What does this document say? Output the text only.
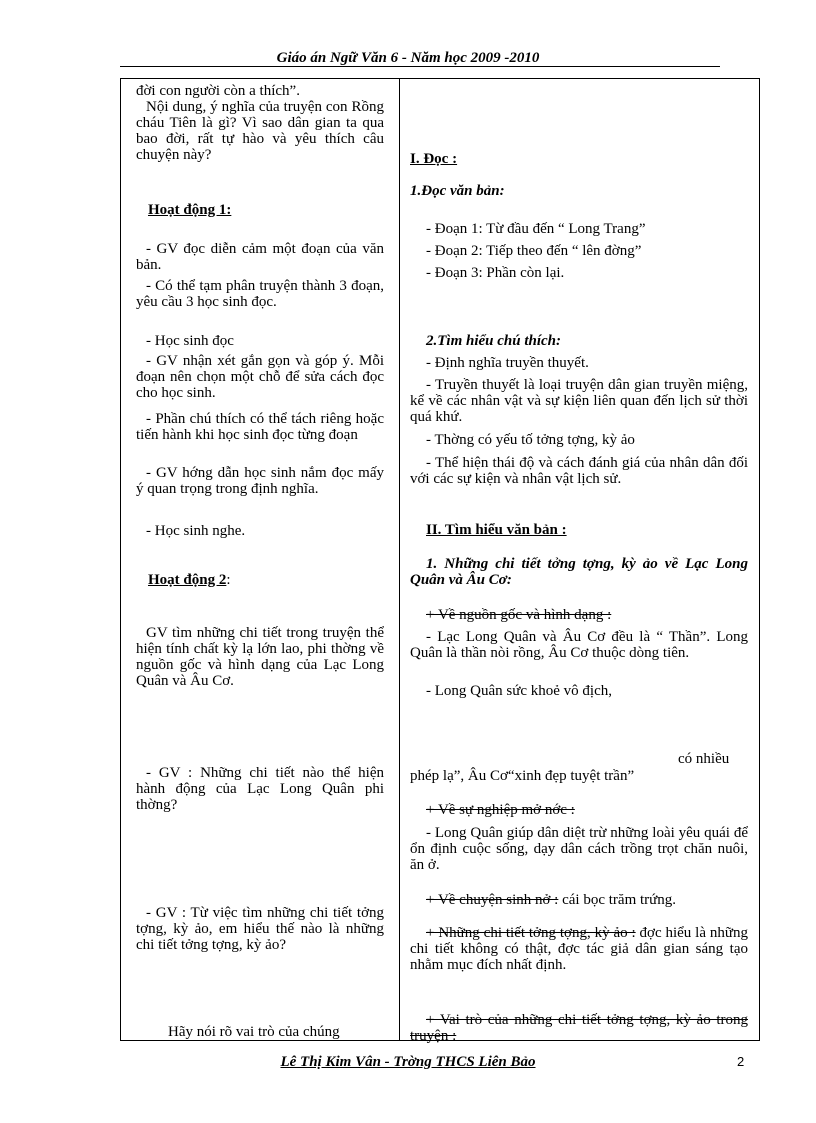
Giáo án Ngữ Văn 6 - Năm học 2009 -2010
đời con người còn a thích”.
Nội dung, ý nghĩa của truyện con Rồng cháu Tiên là gì? Vì sao dân gian ta qua bao đời, rất tự hào và yêu thích câu chuyện này?
Hoạt động 1:
- GV đọc diễn cảm một đoạn của văn bản.
- Có thể tạm phân truyện thành 3 đoạn, yêu cầu 3 học sinh đọc.
- Học sinh đọc
- GV nhận xét gắn gọn và góp ý. Mỗi đoạn nên chọn một chỗ để sửa cách đọc cho học sinh.
- Phần chú thích có thể tách riêng hoặc tiến hành khi học sinh đọc từng đoạn
- GV hớng dẫn học sinh nắm đọc mấy ý quan trọng trong định nghĩa.
- Học sinh nghe.
Hoạt động 2:
GV tìm những chi tiết trong truyện thể hiện tính chất kỳ lạ lớn lao, phi thờng về nguồn gốc và hình dạng của Lạc Long Quân và Âu Cơ.
- GV : Những chi tiết nào thể hiện hành động của Lạc Long Quân phi thờng?
- GV : Từ việc tìm những chi tiết tởng tợng, kỳ ảo, em hiểu thế nào là những chi tiết tởng tợng, kỳ ảo?
Hãy nói rõ vai trò của chúng
I. Đọc :
1.Đọc văn bản:
- Đoạn 1: Từ đầu đến “ Long Trang”
- Đoạn 2: Tiếp theo đến “ lên đờng”
- Đoạn 3: Phần còn lại.
2.Tìm hiểu chú thích:
- Định nghĩa truyền thuyết.
- Truyền thuyết là loại truyện dân gian truyền miệng, kể về các nhân vật và sự kiện liên quan đến lịch sử thời quá khứ.
- Thờng có yếu tố tởng tợng, kỳ ảo
- Thể hiện thái độ và cách đánh giá của nhân dân đối với các sự kiện và nhân vật lịch sử.
II. Tìm hiểu văn bản :
1. Những chi tiết tởng tợng, kỳ ảo về Lạc Long Quân và Âu Cơ:
+ Về nguồn gốc và hình dạng :
- Lạc Long Quân và Âu Cơ đều là “ Thần”. Long Quân là thần nòi rồng, Âu Cơ thuộc dòng tiên.
- Long Quân sức khoẻ vô địch,
có nhiều
phép lạ”, Âu Cơ“xinh đẹp tuyệt trần”
+ Về sự nghiệp mở nớc :
- Long Quân giúp dân diệt trừ những loài yêu quái để ổn định cuộc sống, dạy dân cách trồng trọt chăn nuôi, ăn ở.
+ Về chuyện sinh nở : cái bọc trăm trứng.
+ Những chi tiết tởng tợng, kỳ ảo : đợc hiểu là những chi tiết không có thật, đợc tác giả dân gian sáng tạo nhằm mục đích nhất định.
+ Vai trò của những chi tiết tởng tợng, kỳ ảo trong truyện :
Lê Thị Kim Vân - Trờng THCS Liên Bảo	2
